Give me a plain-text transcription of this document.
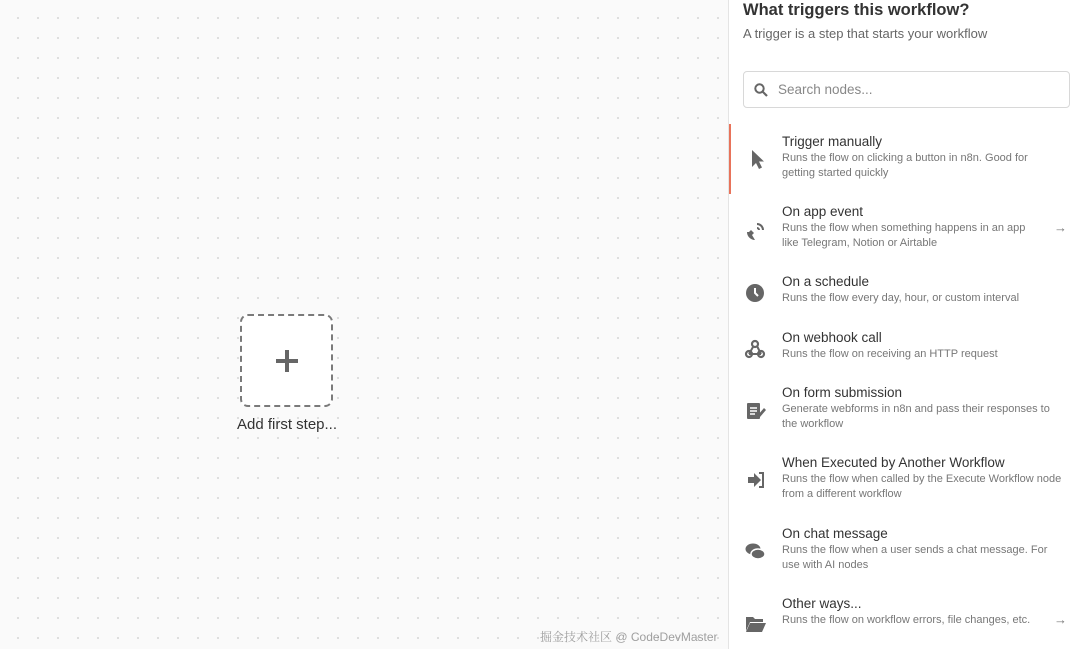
Add first step...
What triggers this workflow?
A trigger is a step that starts your workflow
Search nodes...
Trigger manually
Runs the flow on clicking a button in n8n. Good for getting started quickly
On app event
Runs the flow when something happens in an app like Telegram, Notion or Airtable
→
On a schedule
Runs the flow every day, hour, or custom interval
On webhook call
Runs the flow on receiving an HTTP request
On form submission
Generate webforms in n8n and pass their responses to the workflow
When Executed by Another Workflow
Runs the flow when called by the Execute Workflow node from a different workflow
On chat message
Runs the flow when a user sends a chat message. For use with AI nodes
Other ways...
Runs the flow on workflow errors, file changes, etc.	→
掘金技术社区 @ CodeDevMaster
